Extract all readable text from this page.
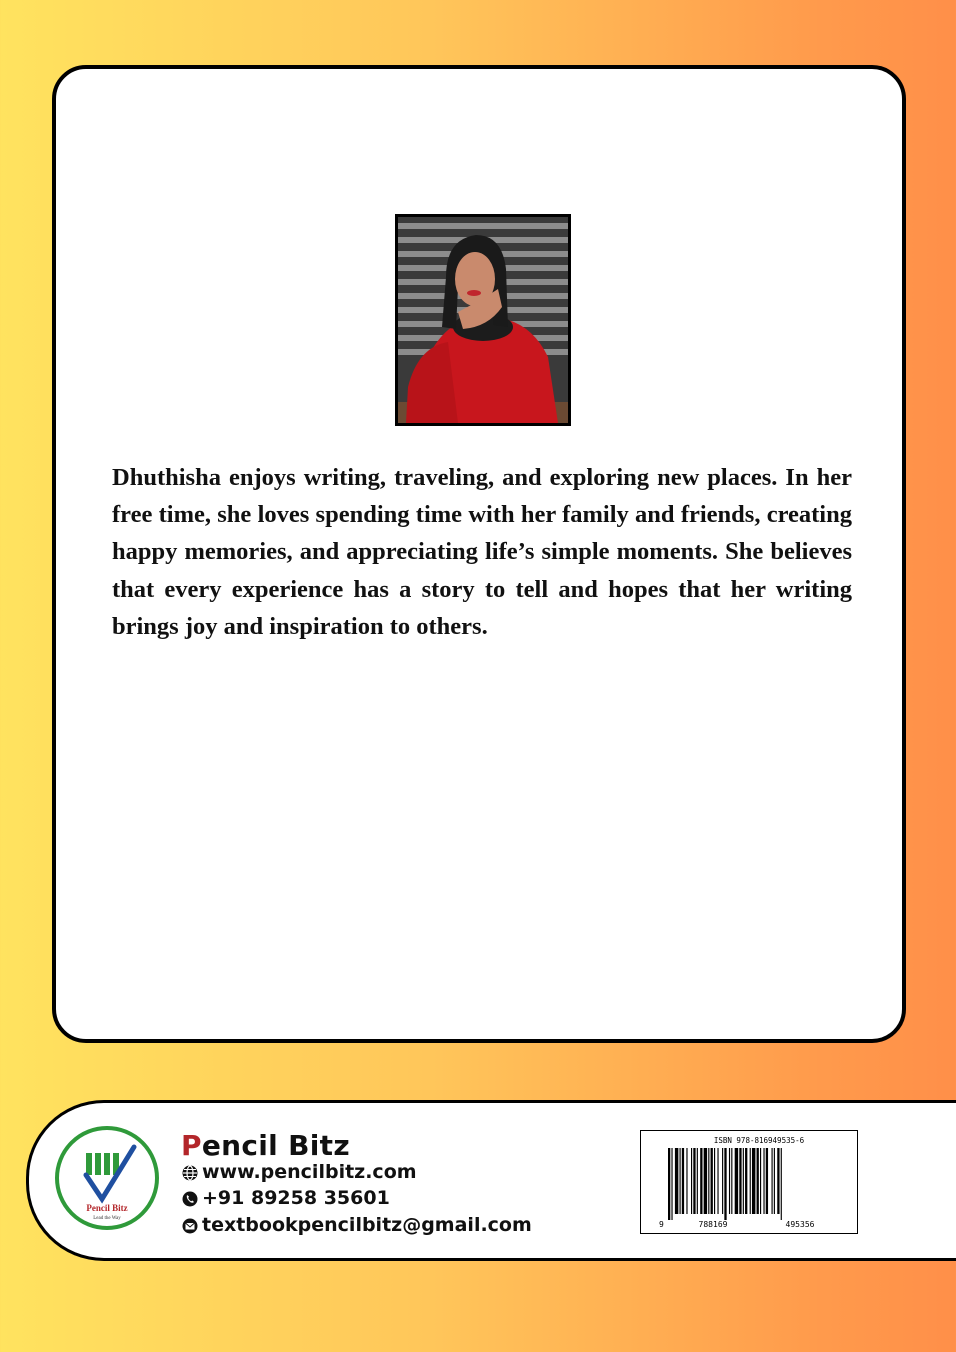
Dhuthisha enjoys writing, traveling, and exploring new places. In her free time, she loves spending time with her family and friends, creating happy memories, and appreciating life’s simple moments. She believes that every experience has a story to tell and hopes that her writing brings joy and inspiration to others.

Pencil Bitz
Lead the Way
Pencil Bitz
www.pencilbitz.com
+91 89258 35601
textbookpencilbitz@gmail.com
ISBN 978-816949535-6
9	788169	495356
